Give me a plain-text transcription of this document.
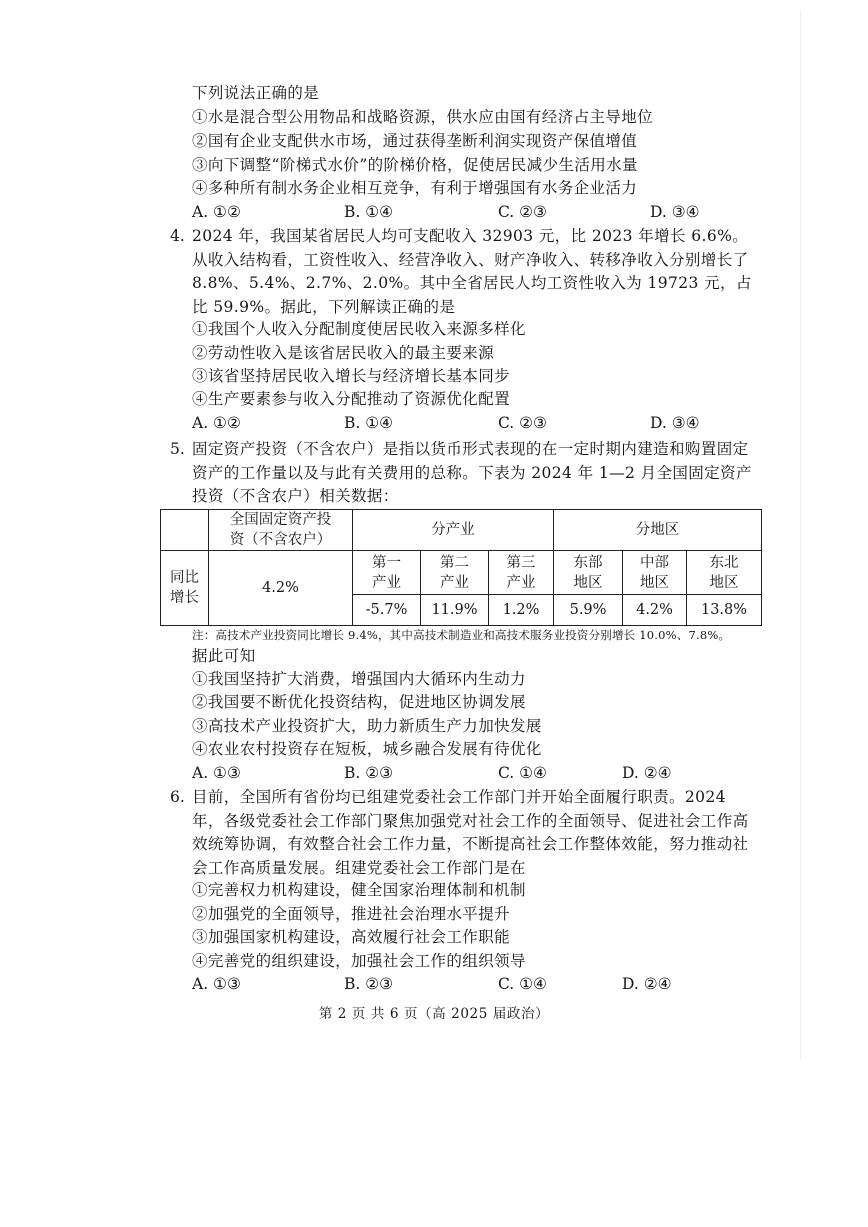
下列说法正确的是
①水是混合型公用物品和战略资源，供水应由国有经济占主导地位
②国有企业支配供水市场，通过获得垄断利润实现资产保值增值
③向下调整“阶梯式水价”的阶梯价格，促使居民减少生活用水量
④多种所有制水务企业相互竞争，有利于增强国有水务企业活力
A. ①②	B. ①④	C. ②③	D. ③④
4. 2024 年，我国某省居民人均可支配收入 32903 元，比 2023 年增长 6.6%。从收入结构看，工资性收入、经营净收入、财产净收入、转移净收入分别增长了 8.8%、5.4%、2.7%、2.0%。其中全省居民人均工资性收入为 19723 元，占比 59.9%。据此，下列解读正确的是
①我国个人收入分配制度使居民收入来源多样化
②劳动性收入是该省居民收入的最主要来源
③该省坚持居民收入增长与经济增长基本同步
④生产要素参与收入分配推动了资源优化配置
A. ①②	B. ①④	C. ②③	D. ③④
5. 固定资产投资（不含农户）是指以货币形式表现的在一定时期内建造和购置固定资产的工作量以及与此有关费用的总称。下表为 2024 年 1—2 月全国固定资产投资（不含农户）相关数据：
	全国固定资产投资（不含农户）	分产业			分地区		
同比增长	4.2%	第一产业	第二产业	第三产业	东部地区	中部地区	东北地区
		-5.7%	11.9%	1.2%	5.9%	4.2%	13.8%
注：高技术产业投资同比增长 9.4%，其中高技术制造业和高技术服务业投资分别增长 10.0%、7.8%。
据此可知
①我国坚持扩大消费，增强国内大循环内生动力
②我国要不断优化投资结构，促进地区协调发展
③高技术产业投资扩大，助力新质生产力加快发展
④农业农村投资存在短板，城乡融合发展有待优化
A. ①③	B. ②③	C. ①④	D. ②④
6. 目前，全国所有省份均已组建党委社会工作部门并开始全面履行职责。2024 年，各级党委社会工作部门聚焦加强党对社会工作的全面领导、促进社会工作高效统筹协调，有效整合社会工作力量，不断提高社会工作整体效能，努力推动社会工作高质量发展。组建党委社会工作部门是在
①完善权力机构建设，健全国家治理体制和机制
②加强党的全面领导，推进社会治理水平提升
③加强国家机构建设，高效履行社会工作职能
④完善党的组织建设，加强社会工作的组织领导
A. ①③	B. ②③	C. ①④	D. ②④
第 2 页 共 6 页（高 2025 届政治）
